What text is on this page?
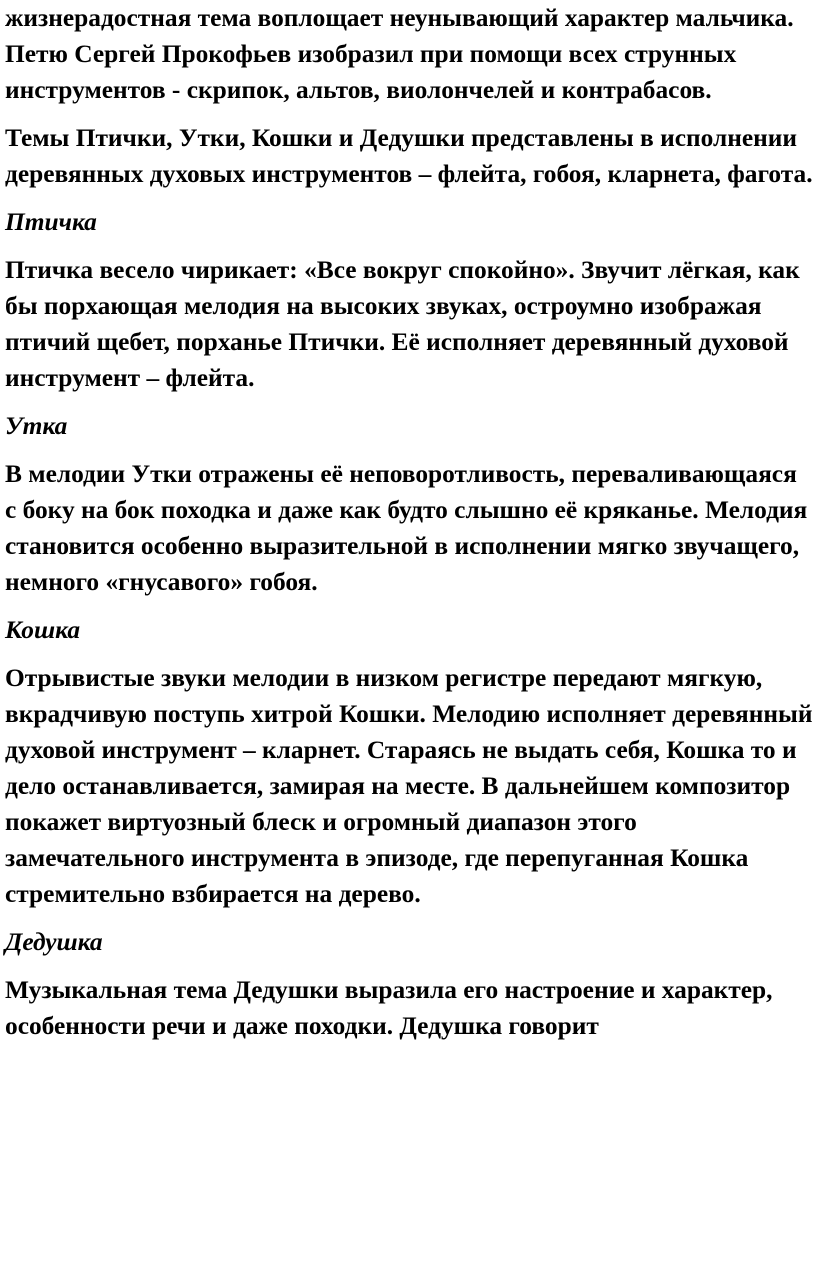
жизнерадостная тема воплощает неунывающий характер мальчика. Петю Сергей Прокофьев изобразил при помощи всех струнных инструментов - скрипок, альтов, виолончелей и контрабасов.

Темы Птички, Утки, Кошки и Дедушки представлены в исполнении деревянных духовых инструментов – флейта, гобоя, кларнета, фагота.

Птичка

Птичка весело чирикает: «Все вокруг спокойно». Звучит лёгкая, как бы порхающая мелодия на высоких звуках, остроумно изображая птичий щебет, порханье Птички. Её исполняет деревянный духовой инструмент – флейта.

Утка

В мелодии Утки отражены её неповоротливость, переваливающаяся с боку на бок походка и даже как будто слышно её кряканье. Мелодия становится особенно выразительной в исполнении мягко звучащего, немного «гнусавого» гобоя.

Кошка

Отрывистые звуки мелодии в низком регистре передают мягкую, вкрадчивую поступь хитрой Кошки. Мелодию исполняет деревянный духовой инструмент – кларнет. Стараясь не выдать себя, Кошка то и дело останавливается, замирая на месте. В дальнейшем композитор покажет виртуозный блеск и огромный диапазон этого замечательного инструмента в эпизоде, где перепуганная Кошка стремительно взбирается на дерево.

Дедушка

Музыкальная тема Дедушки выразила его настроение и характер, особенности речи и даже походки. Дедушка говорит
